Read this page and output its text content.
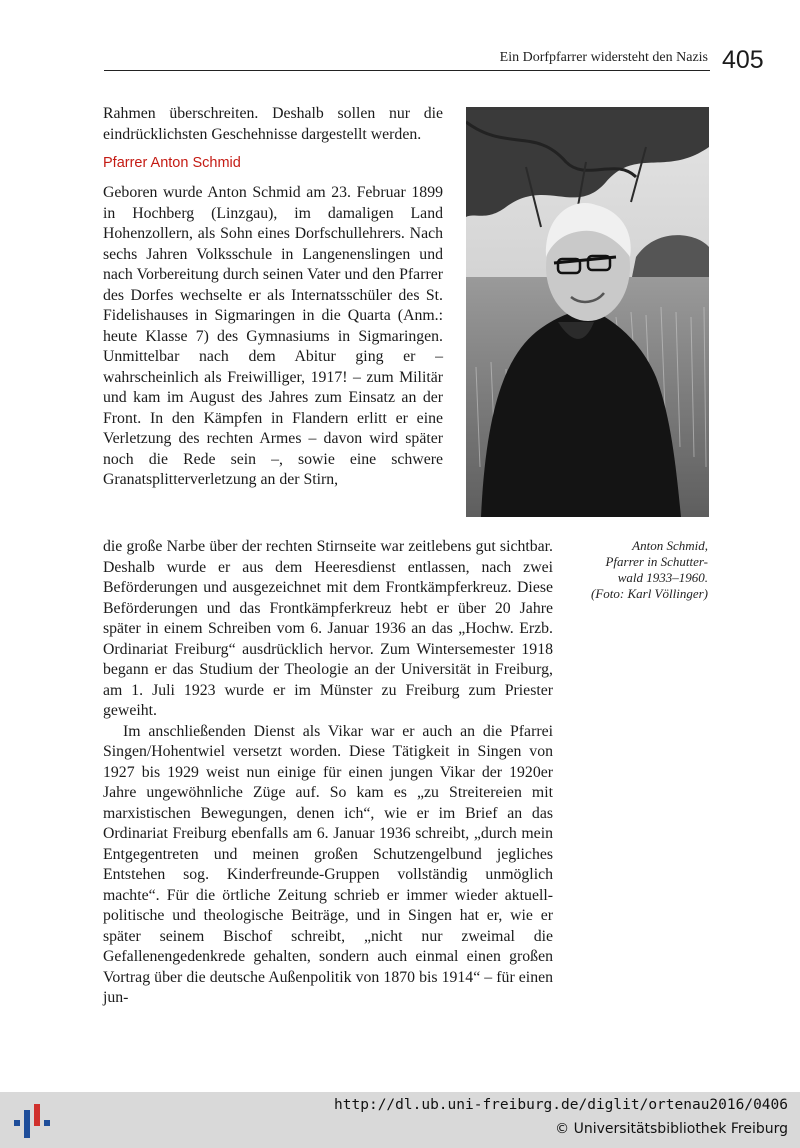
Ein Dorfpfarrer widersteht den Nazis 405

Rahmen überschreiten. Deshalb sollen nur die eindrücklichsten Geschehnisse dargestellt werden.

Pfarrer Anton Schmid

Geboren wurde Anton Schmid am 23. Februar 1899 in Hochberg (Linzgau), im damaligen Land Hohenzollern, als Sohn eines Dorfschullehrers. Nach sechs Jahren Volksschule in Langenenslingen und nach Vorbereitung durch seinen Vater und den Pfarrer des Dorfes wechselte er als Internatsschüler des St. Fidelishauses in Sigmaringen in die Quarta (Anm.: heute Klasse 7) des Gymnasiums in Sigmaringen. Unmittelbar nach dem Abitur ging er – wahrscheinlich als Freiwilliger, 1917! – zum Militär und kam im August des Jahres zum Einsatz an der Front. In den Kämpfen in Flandern erlitt er eine Verletzung des rechten Armes – davon wird später noch die Rede sein –, sowie eine schwere Granatsplitterverletzung an der Stirn,

Anton Schmid,
Pfarrer in Schutter-
wald 1933–1960.
(Foto: Karl Völlinger)

die große Narbe über der rechten Stirnseite war zeitlebens gut sichtbar. Deshalb wurde er aus dem Heeresdienst entlassen, nach zwei Beförderungen und ausgezeichnet mit dem Frontkämpferkreuz. Diese Beförderungen und das Frontkämpferkreuz hebt er über 20 Jahre später in einem Schreiben vom 6. Januar 1936 an das „Hochw. Erzb. Ordinariat Freiburg“ ausdrücklich hervor. Zum Wintersemester 1918 begann er das Studium der Theologie an der Universität in Freiburg, am 1. Juli 1923 wurde er im Münster zu Freiburg zum Priester geweiht.

Im anschließenden Dienst als Vikar war er auch an die Pfarrei Singen/Hohentwiel versetzt worden. Diese Tätigkeit in Singen von 1927 bis 1929 weist nun einige für einen jungen Vikar der 1920er Jahre ungewöhnliche Züge auf. So kam es „zu Streitereien mit marxistischen Bewegungen, denen ich“, wie er im Brief an das Ordinariat Freiburg ebenfalls am 6. Januar 1936 schreibt, „durch mein Entgegentreten und meinen großen Schutzengelbund jegliches Entstehen sog. Kinderfreunde-Gruppen vollständig unmöglich machte“. Für die örtliche Zeitung schrieb er immer wieder aktuell-politische und theologische Beiträge, und in Singen hat er, wie er später seinem Bischof schreibt, „nicht nur zweimal die Gefallenengedenkrede gehalten, sondern auch einmal einen großen Vortrag über die deutsche Außenpolitik von 1870 bis 1914“ – für einen jun-

http://dl.ub.uni-freiburg.de/diglit/ortenau2016/0406
© Universitätsbibliothek Freiburg
